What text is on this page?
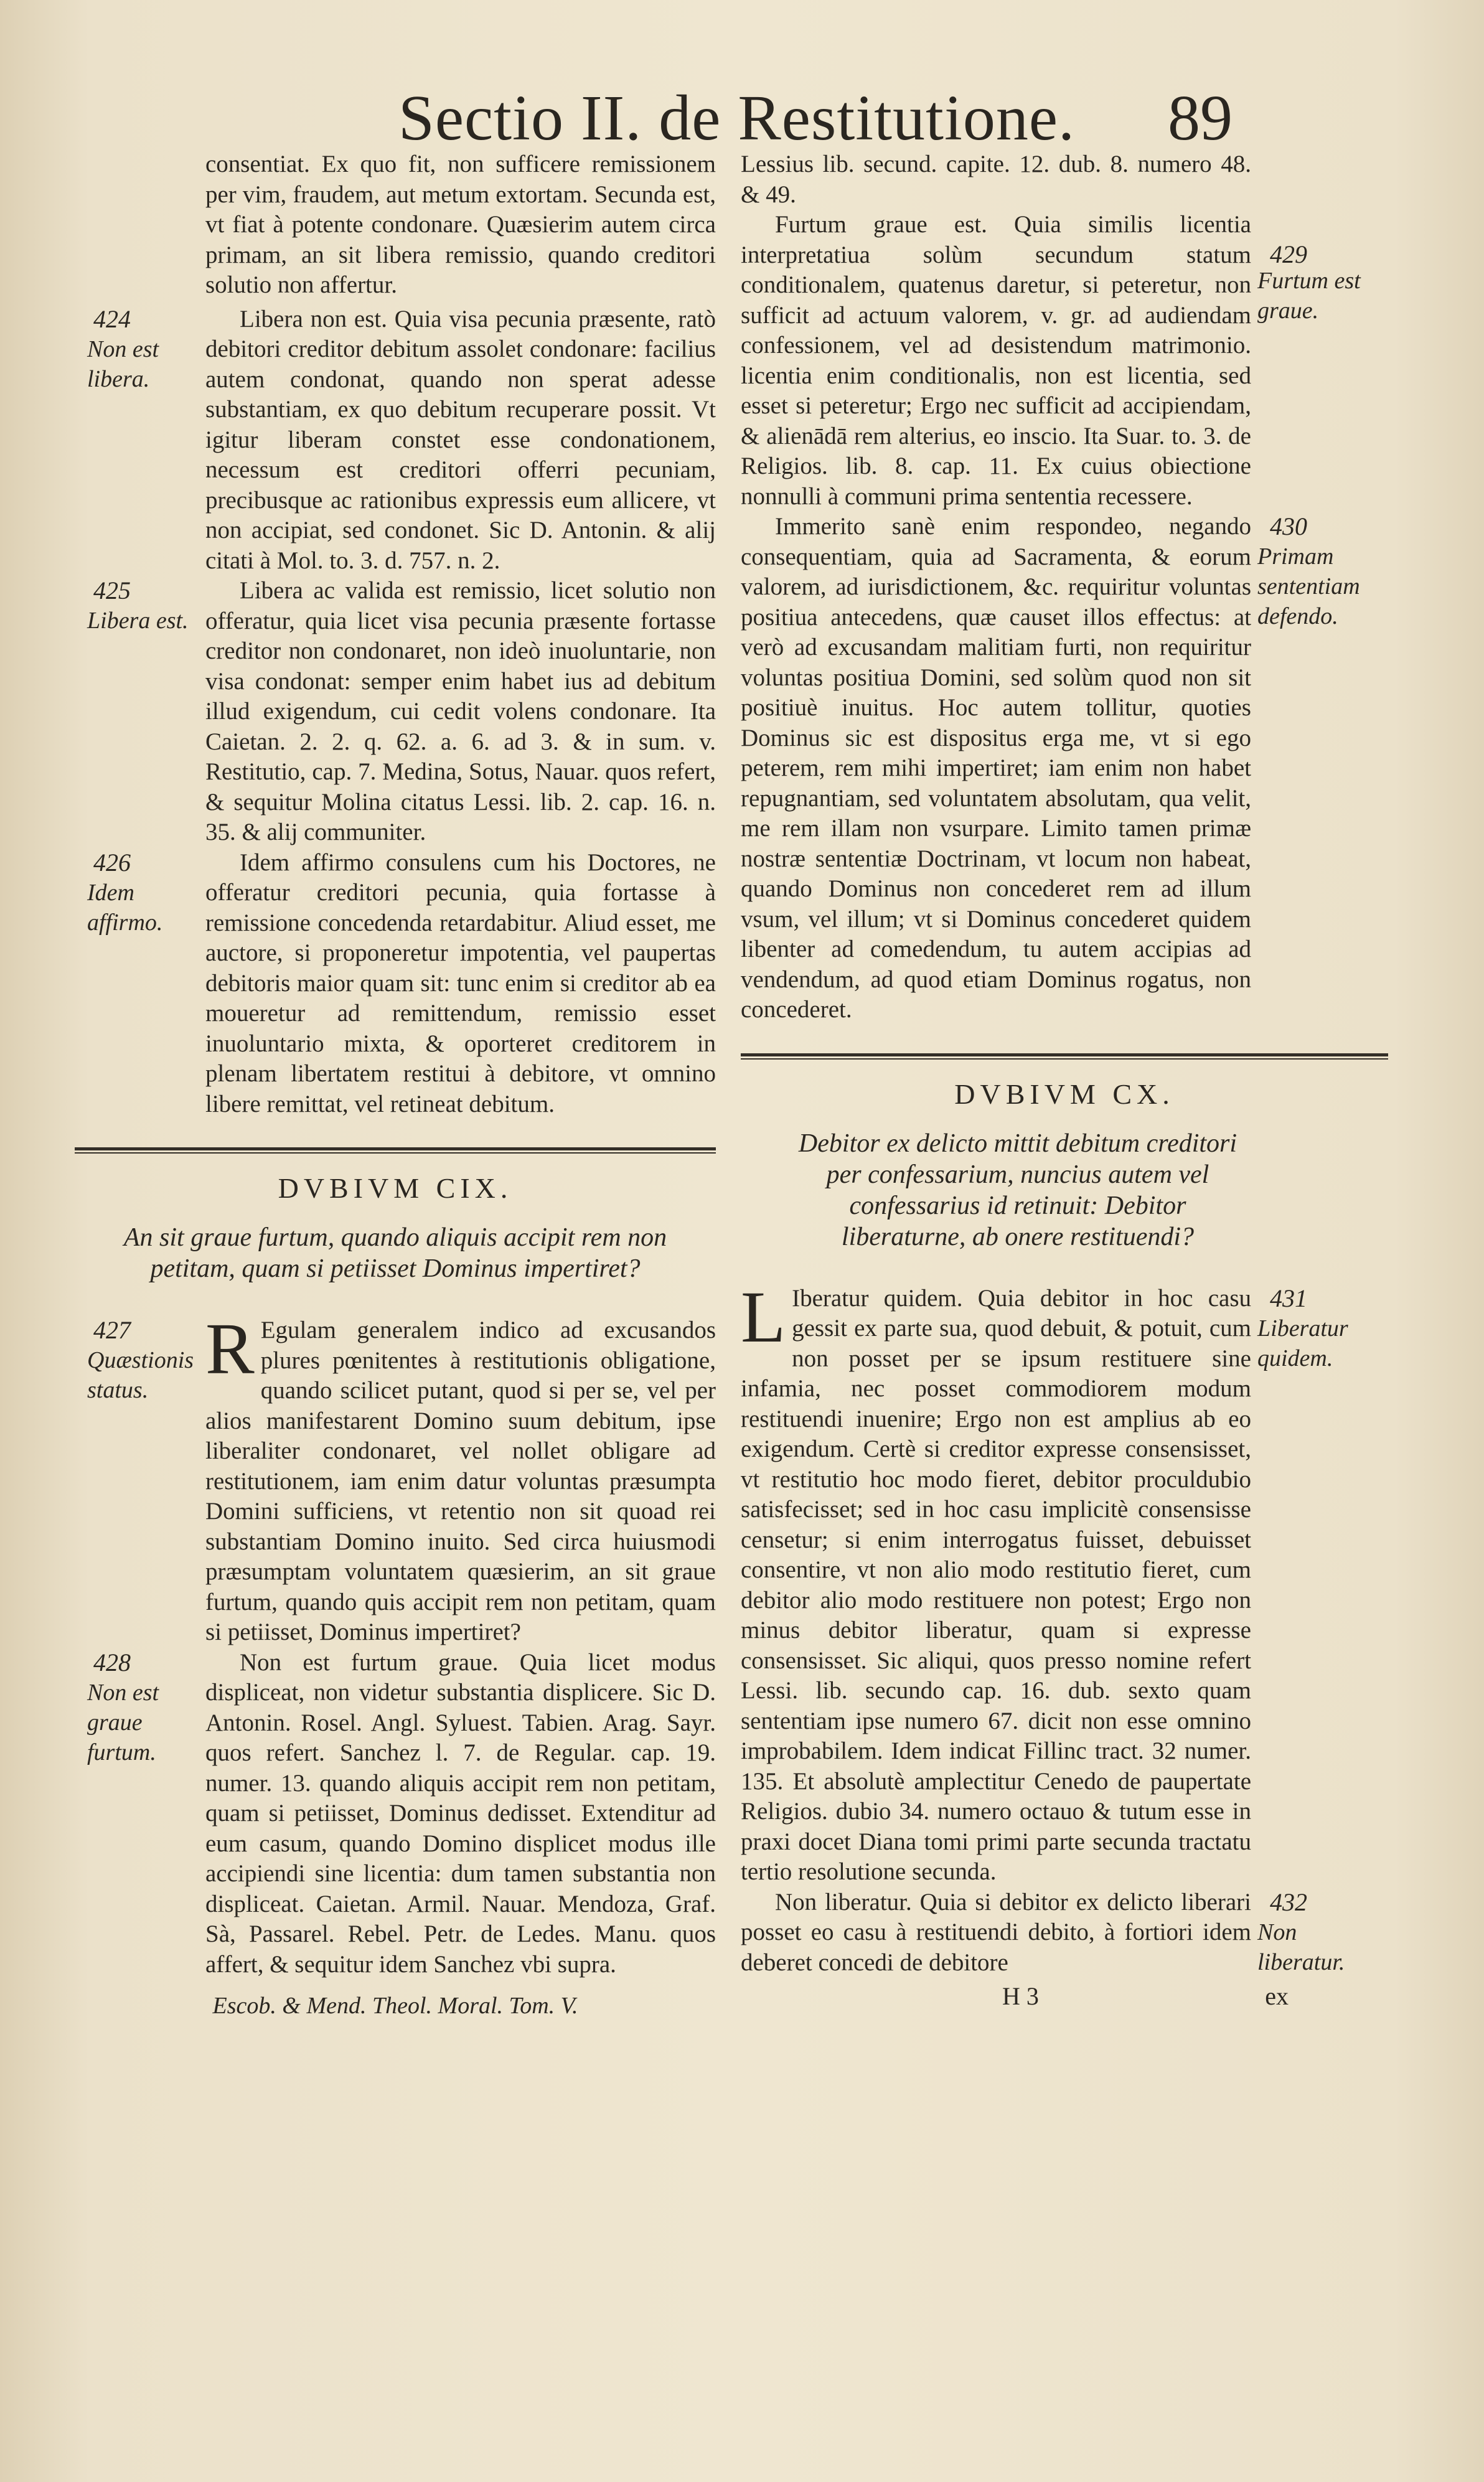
Sectio II. de Restitutione. 89

consentiat. Ex quo fit, non sufficere remissionem per vim, fraudem, aut metum extortam. Secunda est, vt fiat à potente condonare. Quæsierim autem circa primam, an sit libera remissio, quando creditori solutio non affertur.

424
Non est libera.

Libera non est. Quia visa pecunia præsente, ratò debitori creditor debitum assolet condonare: facilius autem condonat, quando non sperat adesse substantiam, ex quo debitum recuperare possit. Vt igitur liberam constet esse condonationem, necessum est creditori offerri pecuniam, precibusque ac rationibus expressis eum allicere, vt non accipiat, sed condonet. Sic D. Antonin. & alij citati à Mol. to. 3. d. 757. n. 2.

425
Libera est.

Libera ac valida est remissio, licet solutio non offeratur, quia licet visa pecunia præsente fortasse creditor non condonaret, non ideò inuoluntarie, non visa condonat: semper enim habet ius ad debitum illud exigendum, cui cedit volens condonare. Ita Caietan. 2. 2. q. 62. a. 6. ad 3. & in sum. v. Restitutio, cap. 7. Medina, Sotus, Nauar. quos refert, & sequitur Molina citatus Lessi. lib. 2. cap. 16. n. 35. & alij communiter.

426
Idem affirmo.

Idem affirmo consulens cum his Doctores, ne offeratur creditori pecunia, quia fortasse à remissione concedenda retardabitur. Aliud esset, me auctore, si proponeretur impotentia, vel paupertas debitoris maior quam sit: tunc enim si creditor ab ea moueretur ad remittendum, remissio esset inuoluntario mixta, & oporteret creditorem in plenam libertatem restitui à debitore, vt omnino libere remittat, vel retineat debitum.

DVBIVM CIX.
An sit graue furtum, quando aliquis accipit rem non petitam, quam si petiisset Dominus impertiret?
427
Quæstionis status.

R Egulam generalem indico ad excusandos plures pœnitentes à restitutionis obligatione, quando scilicet putant, quod si per se, vel per alios manifestarent Domino suum debitum, ipse liberaliter condonaret, vel nollet obligare ad restitutionem, iam enim datur voluntas præsumpta Domini sufficiens, vt retentio non sit quoad rei substantiam Domino inuito. Sed circa huiusmodi præsumptam voluntatem quæsierim, an sit graue furtum, quando quis accipit rem non petitam, quam si petiisset, Dominus impertiret?

428
Non est graue furtum.

Non est furtum graue. Quia licet modus displiceat, non videtur substantia displicere. Sic D. Antonin. Rosel. Angl. Syluest. Tabien. Arag. Sayr. quos refert. Sanchez l. 7. de Regular. cap. 19. numer. 13. quando aliquis accipit rem non petitam, quam si petiisset, Dominus dedisset. Extenditur ad eum casum, quando Domino displicet modus ille accipiendi sine licentia: dum tamen substantia non displiceat. Caietan. Armil. Nauar. Mendoza, Graf. Sà, Passarel. Rebel. Petr. de Ledes. Manu. quos affert, & sequitur idem Sanchez vbi supra.

Escob. & Mend. Theol. Moral. Tom. V.

Lessius lib. secund. capite. 12. dub. 8. numero 48. & 49.

429
Furtum est graue.

Furtum graue est. Quia similis licentia interpretatiua solùm secundum statum conditionalem, quatenus daretur, si peteretur, non sufficit ad actuum valorem, v. gr. ad audiendam confessionem, vel ad desistendum matrimonio. licentia enim conditionalis, non est licentia, sed esset si peteretur; Ergo nec sufficit ad accipiendam, & alienādā rem alterius, eo inscio. Ita Suar. to. 3. de Religios. lib. 8. cap. 11. Ex cuius obiectione nonnulli à communi prima sententia recessere.

430
Primam sententiam defendo.

Immerito sanè enim respondeo, negando consequentiam, quia ad Sacramenta, & eorum valorem, ad iurisdictionem, &c. requiritur voluntas positiua antecedens, quæ causet illos effectus: at verò ad excusandam malitiam furti, non requiritur voluntas positiua Domini, sed solùm quod non sit positiuè inuitus. Hoc autem tollitur, quoties Dominus sic est dispositus erga me, vt si ego peterem, rem mihi impertiret; iam enim non habet repugnantiam, sed voluntatem absolutam, qua velit, me rem illam non vsurpare. Limito tamen primæ nostræ sententiæ Doctrinam, vt locum non habeat, quando Dominus non concederet rem ad illum vsum, vel illum; vt si Dominus concederet quidem libenter ad comedendum, tu autem accipias ad vendendum, ad quod etiam Dominus rogatus, non concederet.

DVBIVM CX.
Debitor ex delicto mittit debitum creditori per confessarium, nuncius autem vel confessarius id retinuit: Debitor liberaturne, ab onere restituendi?
431
Liberatur quidem.

L Iberatur quidem. Quia debitor in hoc casu gessit ex parte sua, quod debuit, & potuit, cum non posset per se ipsum restituere sine infamia, nec posset commodiorem modum restituendi inuenire; Ergo non est amplius ab eo exigendum. Certè si creditor expresse consensisset, vt restitutio hoc modo fieret, debitor proculdubio satisfecisset; sed in hoc casu implicitè consensisse censetur; si enim interrogatus fuisset, debuisset consentire, vt non alio modo restitutio fieret, cum debitor alio modo restituere non potest; Ergo non minus debitor liberatur, quam si expresse consensisset. Sic aliqui, quos presso nomine refert Lessi. lib. secundo cap. 16. dub. sexto quam sententiam ipse numero 67. dicit non esse omnino improbabilem. Idem indicat Fillinc tract. 32 numer. 135. Et absolutè amplectitur Cenedo de paupertate Religios. dubio 34. numero octauo & tutum esse in praxi docet Diana tomi primi parte secunda tractatu tertio resolutione secunda.

432
Non liberatur.

Non liberatur. Quia si debitor ex delicto liberari posset eo casu à restituendi debito, à fortiori idem deberet concedi de debitore

H 3	ex
